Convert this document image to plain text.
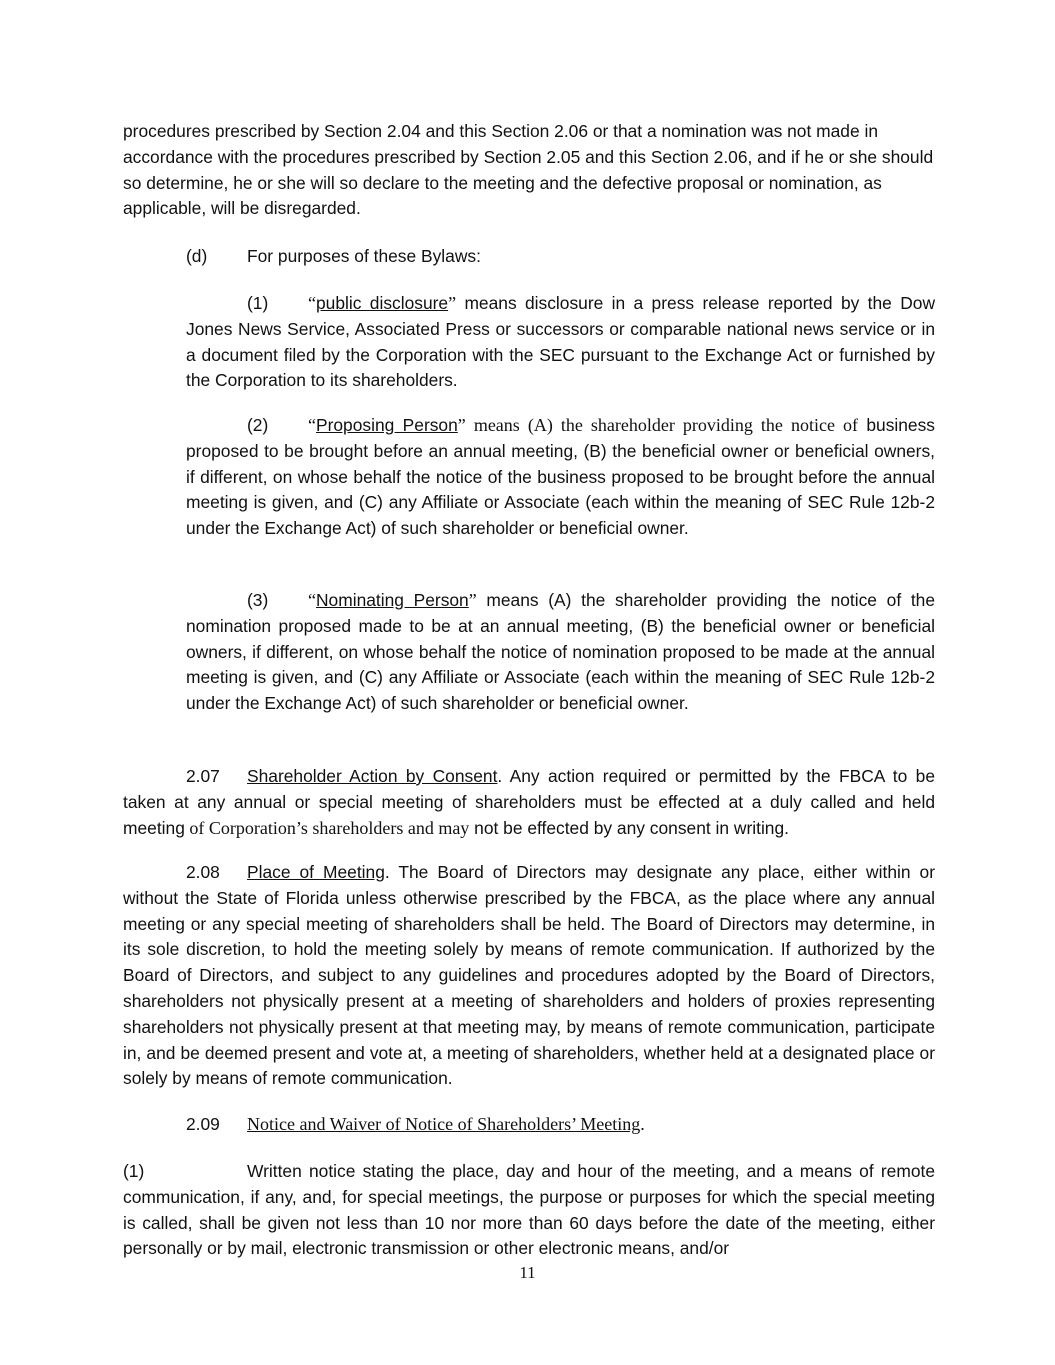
procedures prescribed by Section 2.04 and this Section 2.06 or that a nomination was not made in accordance with the procedures prescribed by Section 2.05 and this Section 2.06, and if he or she should so determine, he or she will so declare to the meeting and the defective proposal or nomination, as applicable, will be disregarded.

(d) For purposes of these Bylaws:

(1) “public disclosure” means disclosure in a press release reported by the Dow Jones News Service, Associated Press or successors or comparable national news service or in a document filed by the Corporation with the SEC pursuant to the Exchange Act or furnished by the Corporation to its shareholders.

(2) “Proposing Person” means (A) the shareholder providing the notice of business proposed to be brought before an annual meeting, (B) the beneficial owner or beneficial owners, if different, on whose behalf the notice of the business proposed to be brought before the annual meeting is given, and (C) any Affiliate or Associate (each within the meaning of SEC Rule 12b-2 under the Exchange Act) of such shareholder or beneficial owner.

(3) “Nominating Person” means (A) the shareholder providing the notice of the nomination proposed made to be at an annual meeting, (B) the beneficial owner or beneficial owners, if different, on whose behalf the notice of nomination proposed to be made at the annual meeting is given, and (C) any Affiliate or Associate (each within the meaning of SEC Rule 12b-2 under the Exchange Act) of such shareholder or beneficial owner.

2.07 Shareholder Action by Consent. Any action required or permitted by the FBCA to be taken at any annual or special meeting of shareholders must be effected at a duly called and held meeting of Corporation’s shareholders and may not be effected by any consent in writing.

2.08 Place of Meeting. The Board of Directors may designate any place, either within or without the State of Florida unless otherwise prescribed by the FBCA, as the place where any annual meeting or any special meeting of shareholders shall be held. The Board of Directors may determine, in its sole discretion, to hold the meeting solely by means of remote communication. If authorized by the Board of Directors, and subject to any guidelines and procedures adopted by the Board of Directors, shareholders not physically present at a meeting of shareholders and holders of proxies representing shareholders not physically present at that meeting may, by means of remote communication, participate in, and be deemed present and vote at, a meeting of shareholders, whether held at a designated place or solely by means of remote communication.

2.09 Notice and Waiver of Notice of Shareholders’ Meeting.

(1)	Written notice stating the place, day and hour of the meeting, and a means of remote communication, if any, and, for special meetings, the purpose or purposes for which the special meeting is called, shall be given not less than 10 nor more than 60 days before the date of the meeting, either personally or by mail, electronic transmission or other electronic means, and/or

11
